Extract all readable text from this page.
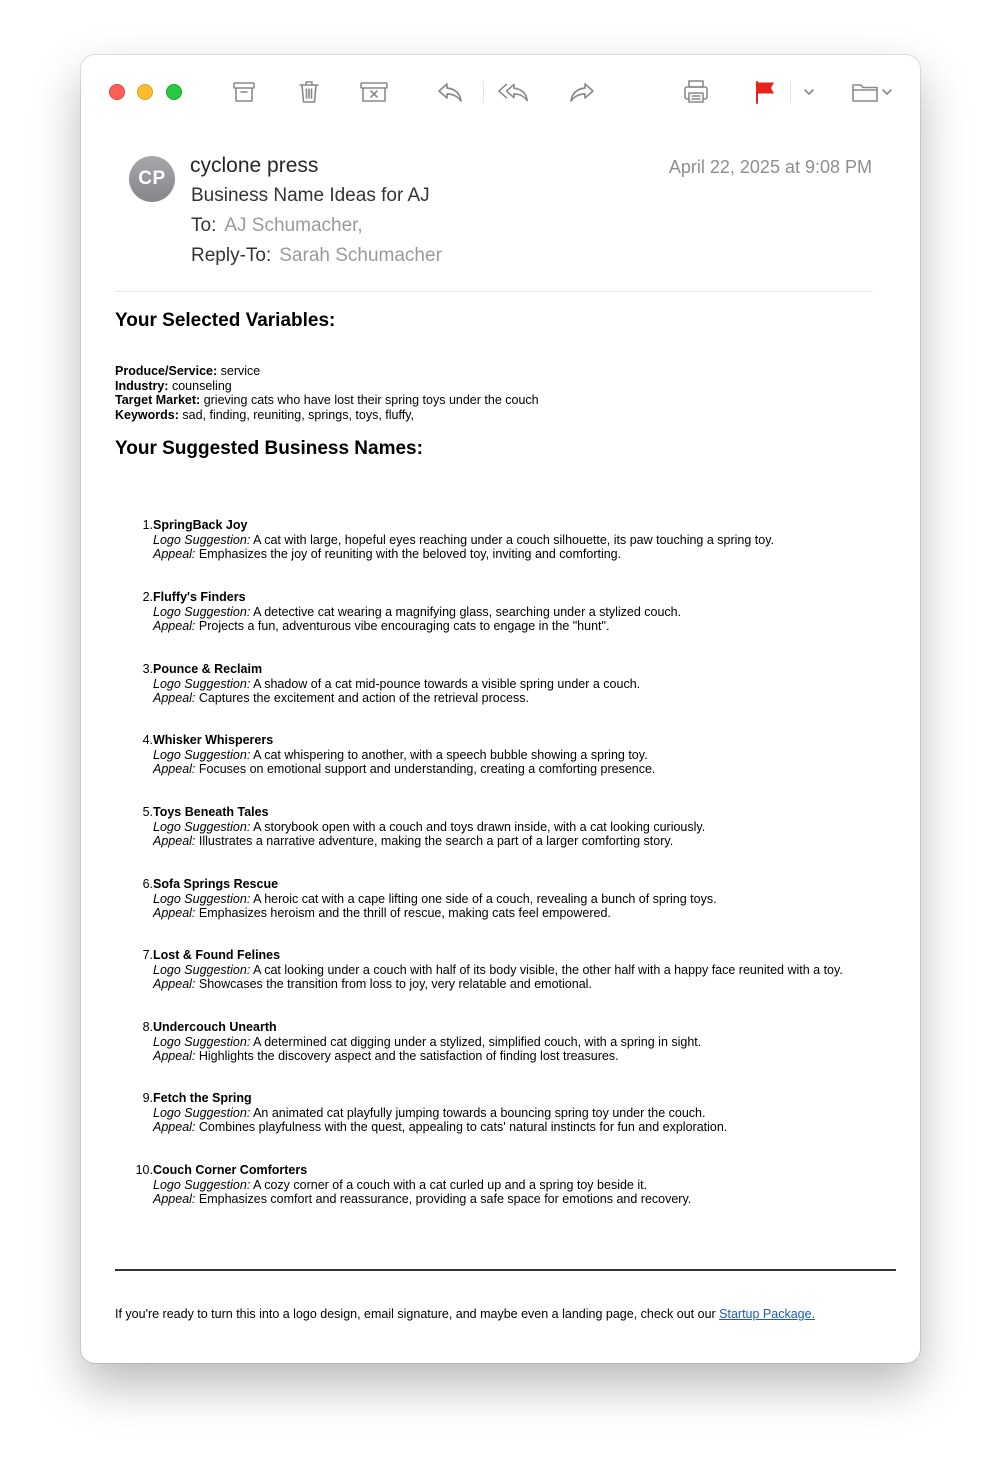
CP
cyclone press
Business Name Ideas for AJ
To: AJ Schumacher,
Reply-To: Sarah Schumacher
April 22, 2025 at 9:08 PM
Your Selected Variables:
Produce/Service: service
Industry: counseling
Target Market: grieving cats who have lost their spring toys under the couch
Keywords: sad, finding, reuniting, springs, toys, fluffy,
Your Suggested Business Names:
1. SpringBack Joy
Logo Suggestion: A cat with large, hopeful eyes reaching under a couch silhouette, its paw touching a spring toy.
Appeal: Emphasizes the joy of reuniting with the beloved toy, inviting and comforting.
2. Fluffy's Finders
Logo Suggestion: A detective cat wearing a magnifying glass, searching under a stylized couch.
Appeal: Projects a fun, adventurous vibe encouraging cats to engage in the "hunt".
3. Pounce & Reclaim
Logo Suggestion: A shadow of a cat mid-pounce towards a visible spring under a couch.
Appeal: Captures the excitement and action of the retrieval process.
4. Whisker Whisperers
Logo Suggestion: A cat whispering to another, with a speech bubble showing a spring toy.
Appeal: Focuses on emotional support and understanding, creating a comforting presence.
5. Toys Beneath Tales
Logo Suggestion: A storybook open with a couch and toys drawn inside, with a cat looking curiously.
Appeal: Illustrates a narrative adventure, making the search a part of a larger comforting story.
6. Sofa Springs Rescue
Logo Suggestion: A heroic cat with a cape lifting one side of a couch, revealing a bunch of spring toys.
Appeal: Emphasizes heroism and the thrill of rescue, making cats feel empowered.
7. Lost & Found Felines
Logo Suggestion: A cat looking under a couch with half of its body visible, the other half with a happy face reunited with a toy.
Appeal: Showcases the transition from loss to joy, very relatable and emotional.
8. Undercouch Unearth
Logo Suggestion: A determined cat digging under a stylized, simplified couch, with a spring in sight.
Appeal: Highlights the discovery aspect and the satisfaction of finding lost treasures.
9. Fetch the Spring
Logo Suggestion: An animated cat playfully jumping towards a bouncing spring toy under the couch.
Appeal: Combines playfulness with the quest, appealing to cats' natural instincts for fun and exploration.
10. Couch Corner Comforters
Logo Suggestion: A cozy corner of a couch with a cat curled up and a spring toy beside it.
Appeal: Emphasizes comfort and reassurance, providing a safe space for emotions and recovery.
If you're ready to turn this into a logo design, email signature, and maybe even a landing page, check out our Startup Package.
